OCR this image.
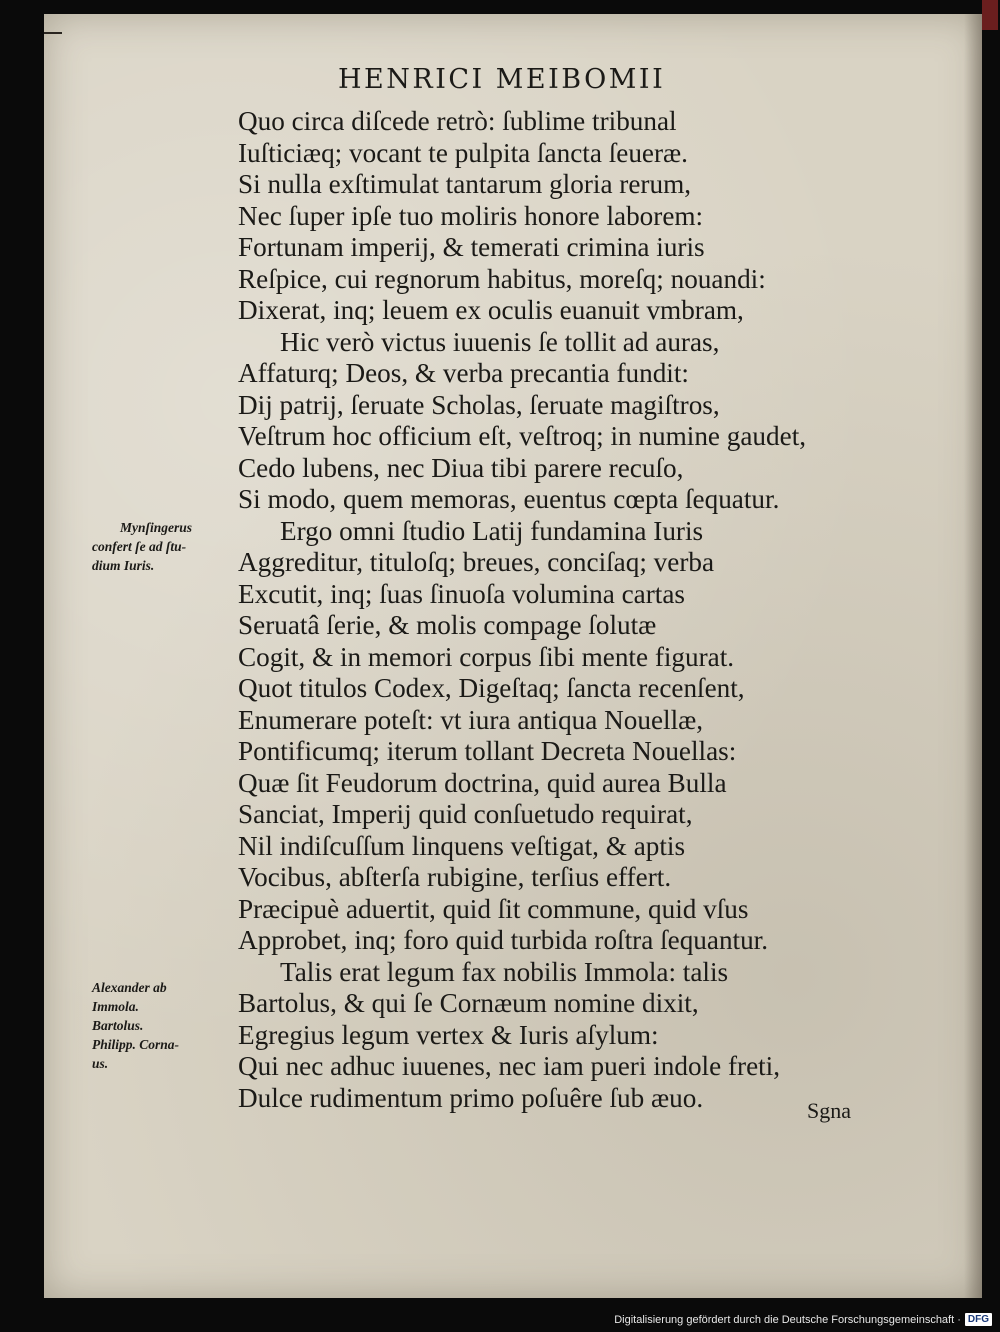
HENRICI MEIBOMII
Quo circa diſcede retrò: ſublime tribunal
Iuſticiæq; vocant te pulpita ſancta ſeueræ.
Si nulla exſtimulat tantarum gloria rerum,
Nec ſuper ipſe tuo moliris honore laborem:
Fortunam imperij, & temerati crimina iuris
Reſpice, cui regnorum habitus, moreſq; nouandi:
Dixerat, inq; leuem ex oculis euanuit vmbram,
Hic verò victus iuuenis ſe tollit ad auras,
Affaturq; Deos, & verba precantia fundit:
Dij patrij, ſeruate Scholas, ſeruate magiſtros,
Veſtrum hoc officium eſt, veſtroq; in numine gaudet,
Cedo lubens, nec Diua tibi parere recuſo,
Si modo, quem memoras, euentus cœpta ſequatur.
Ergo omni ſtudio Latij fundamina Iuris
Aggreditur, tituloſq; breues, conciſaq; verba
Excutit, inq; ſuas ſinuoſa volumina cartas
Seruatâ ſerie, & molis compage ſolutæ
Cogit, & in memori corpus ſibi mente figurat.
Quot titulos Codex, Digeſtaq; ſancta recenſent,
Enumerare poteſt: vt iura antiqua Nouellæ,
Pontificumq; iterum tollant Decreta Nouellas:
Quæ ſit Feudorum doctrina, quid aurea Bulla
Sanciat, Imperij quid conſuetudo requirat,
Nil indiſcuſſum linquens veſtigat, & aptis
Vocibus, abſterſa rubigine, terſius effert.
Præcipuè aduertit, quid ſit commune, quid vſus
Approbet, inq; foro quid turbida roſtra ſequantur.
Talis erat legum fax nobilis Immola: talis
Bartolus, & qui ſe Cornæum nomine dixit,
Egregius legum vertex & Iuris aſylum:
Qui nec adhuc iuuenes, nec iam pueri indole freti,
Dulce rudimentum primo poſuêre ſub æuo.
Mynſingerus
confert ſe ad ſtu-
dium Iuris.
Alexander ab
Immola.
Bartolus.
Philipp. Corna-
us.
Sgna
Digitalisierung gefördert durch die Deutsche Forschungsgemeinschaft · DFG
